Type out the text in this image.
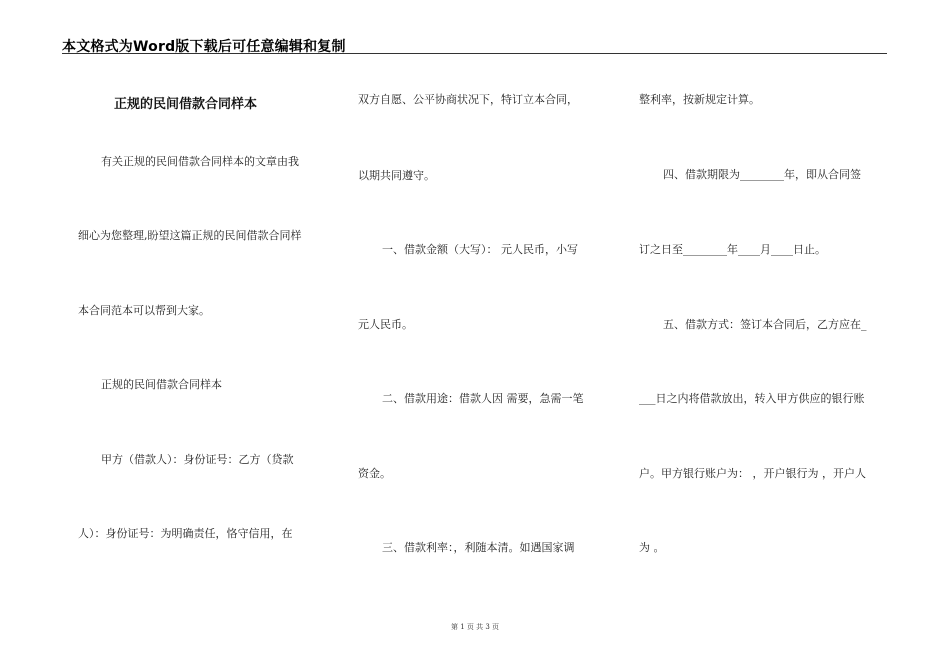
本文格式为Word版下载后可任意编辑和复制
正规的民间借款合同样本
有关正规的民间借款合同样本的文章由我
细心为您整理,盼望这篇正规的民间借款合同样
本合同范本可以帮到大家。
正规的民间借款合同样本
甲方（借款人）：身份证号：乙方（贷款
人）：身份证号：为明确责任，恪守信用，在
双方自愿、公平协商状况下，特订立本合同，
以期共同遵守。
一、借款金额（大写）： 元人民币，小写
元人民币。
二、借款用途：借款人因 需要，急需一笔
资金。
三、借款利率：，利随本清。如遇国家调
整利率，按新规定计算。
四、借款期限为________年，即从合同签
订之日至________年____月____日止。
五、借款方式：签订本合同后，乙方应在_
___日之内将借款放出，转入甲方供应的银行账
户。甲方银行账户为： ，开户银行为 ，开户人
为 。
第 1 页 共 3 页
